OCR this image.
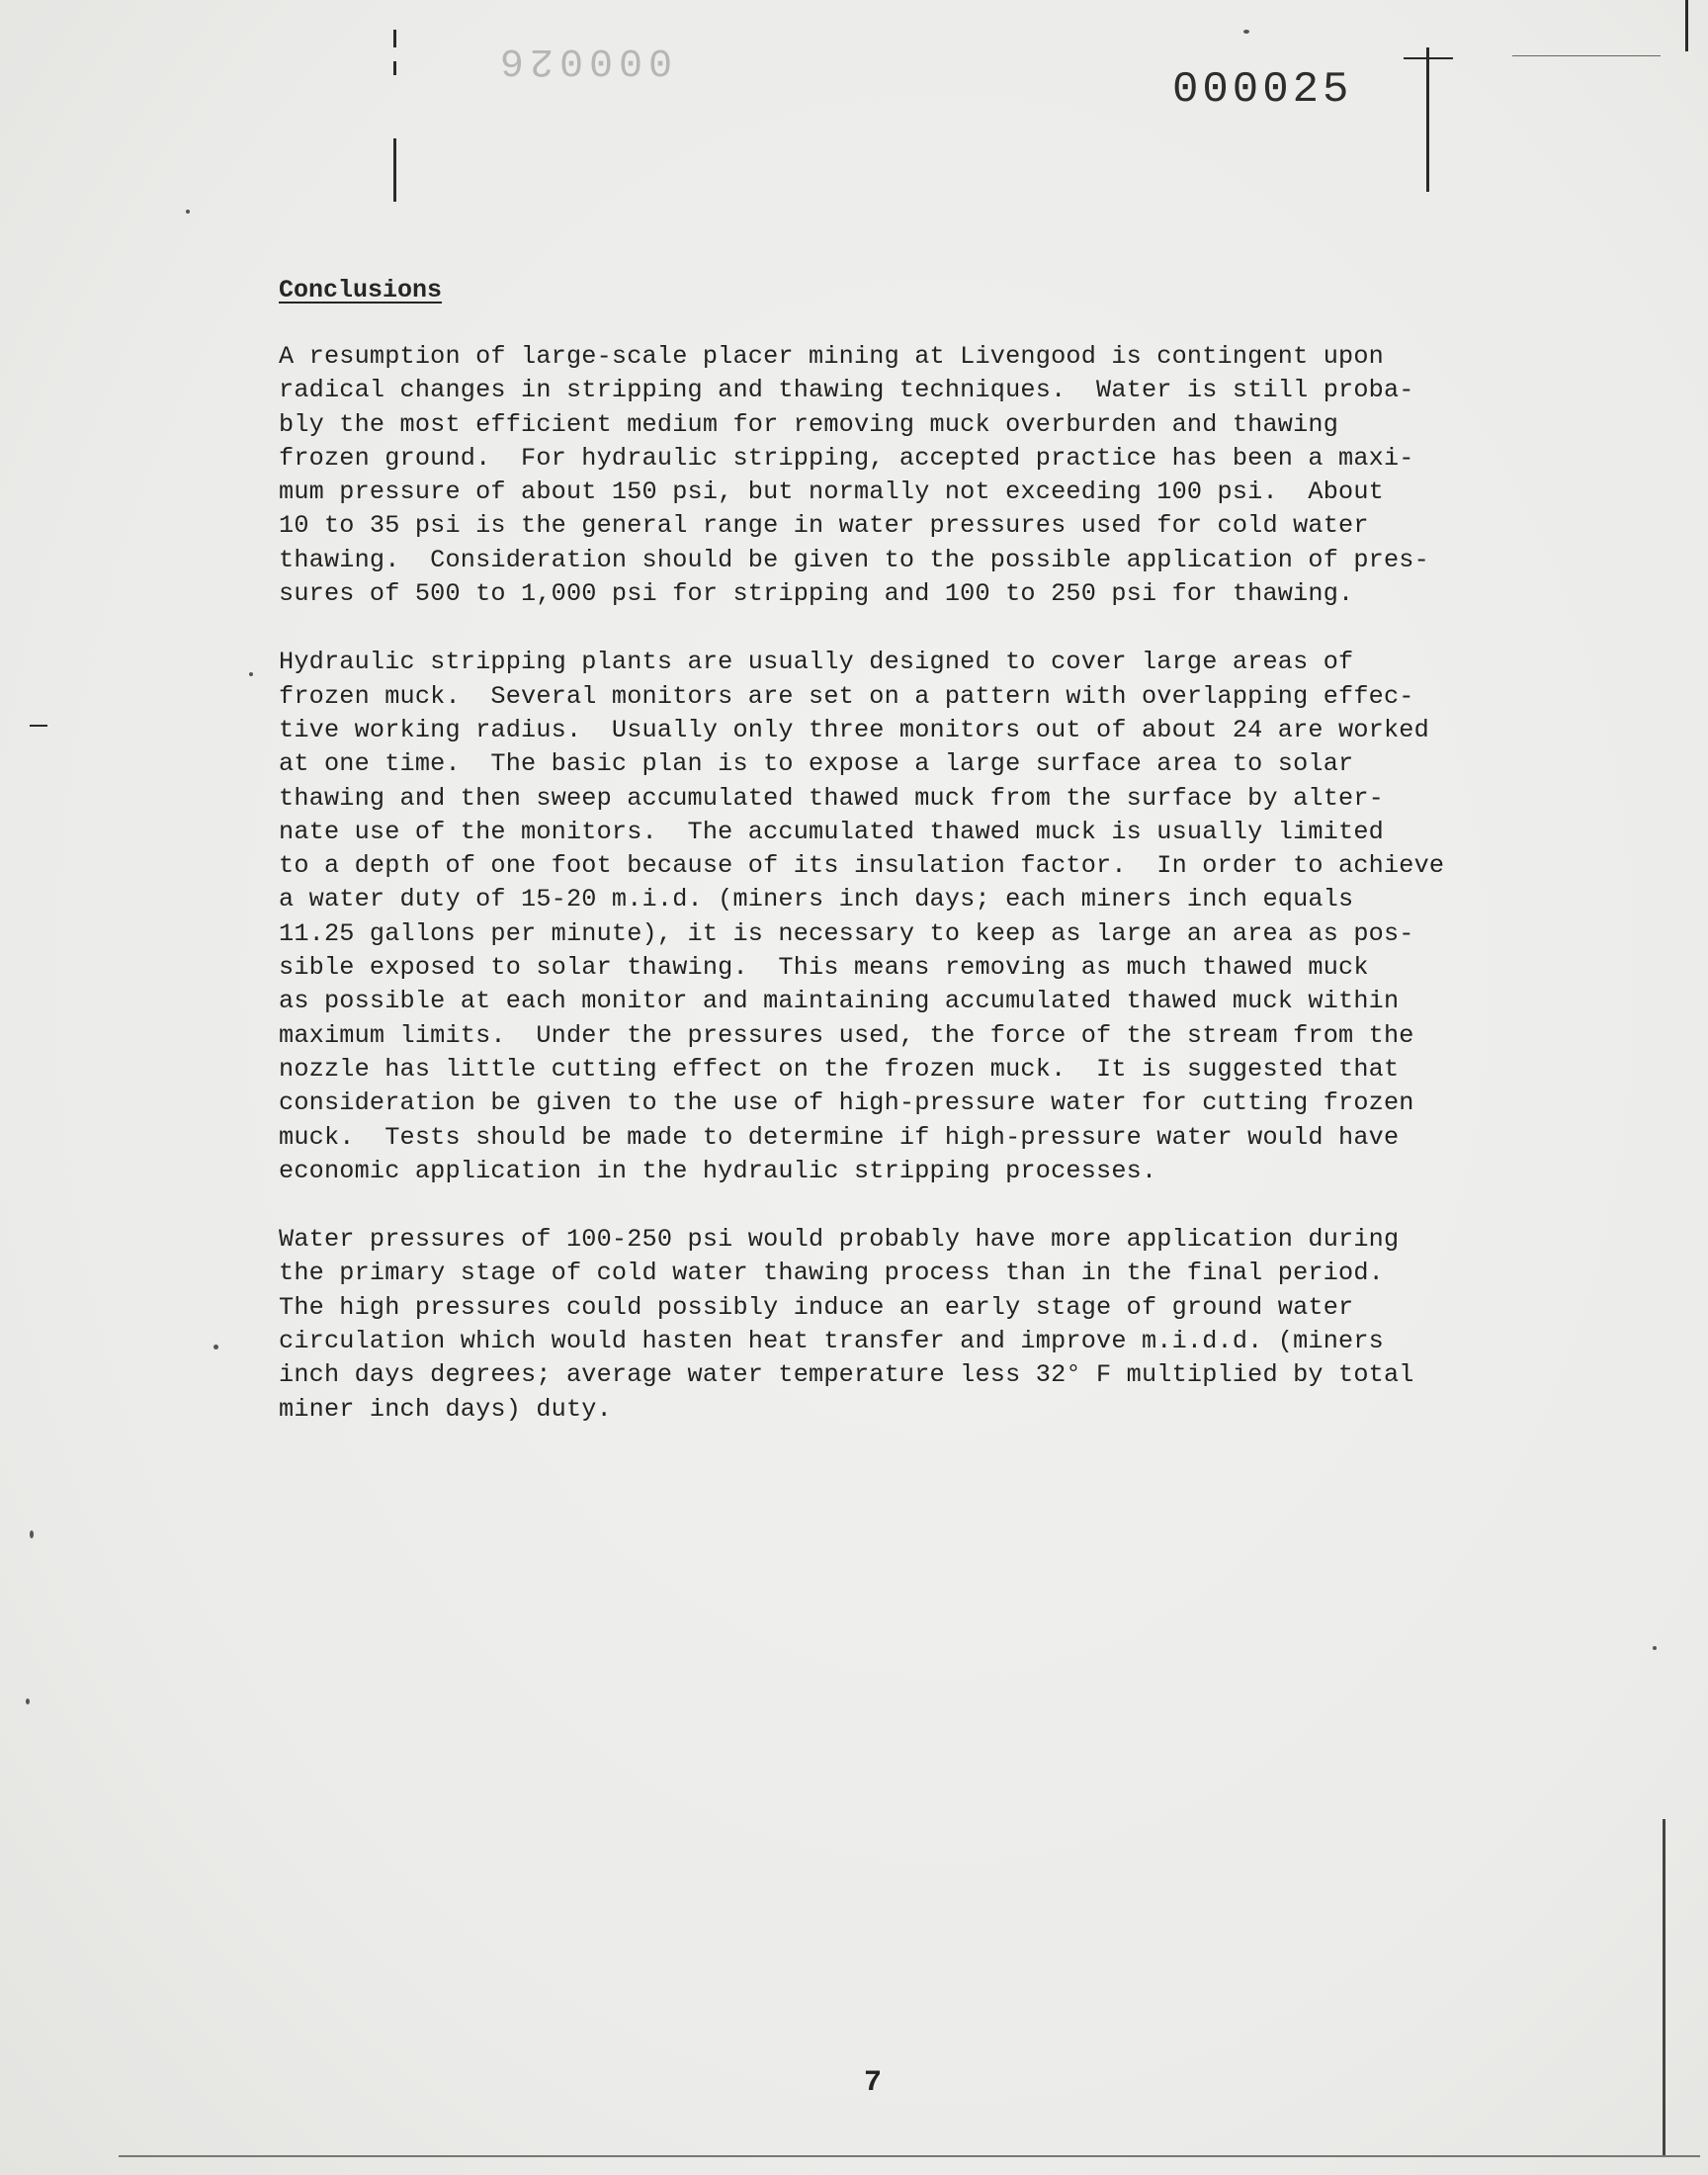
000026
000025
Conclusions
A resumption of large-scale placer mining at Livengood is contingent upon
radical changes in stripping and thawing techniques.  Water is still proba-
bly the most efficient medium for removing muck overburden and thawing
frozen ground.  For hydraulic stripping, accepted practice has been a maxi-
mum pressure of about 150 psi, but normally not exceeding 100 psi.  About
10 to 35 psi is the general range in water pressures used for cold water
thawing.  Consideration should be given to the possible application of pres-
sures of 500 to 1,000 psi for stripping and 100 to 250 psi for thawing.
Hydraulic stripping plants are usually designed to cover large areas of
frozen muck.  Several monitors are set on a pattern with overlapping effec-
tive working radius.  Usually only three monitors out of about 24 are worked
at one time.  The basic plan is to expose a large surface area to solar
thawing and then sweep accumulated thawed muck from the surface by alter-
nate use of the monitors.  The accumulated thawed muck is usually limited
to a depth of one foot because of its insulation factor.  In order to achieve
a water duty of 15-20 m.i.d. (miners inch days; each miners inch equals
11.25 gallons per minute), it is necessary to keep as large an area as pos-
sible exposed to solar thawing.  This means removing as much thawed muck
as possible at each monitor and maintaining accumulated thawed muck within
maximum limits.  Under the pressures used, the force of the stream from the
nozzle has little cutting effect on the frozen muck.  It is suggested that
consideration be given to the use of high-pressure water for cutting frozen
muck.  Tests should be made to determine if high-pressure water would have
economic application in the hydraulic stripping processes.
Water pressures of 100-250 psi would probably have more application during
the primary stage of cold water thawing process than in the final period.
The high pressures could possibly induce an early stage of ground water
circulation which would hasten heat transfer and improve m.i.d.d. (miners
inch days degrees; average water temperature less 32° F multiplied by total
miner inch days) duty.
7
